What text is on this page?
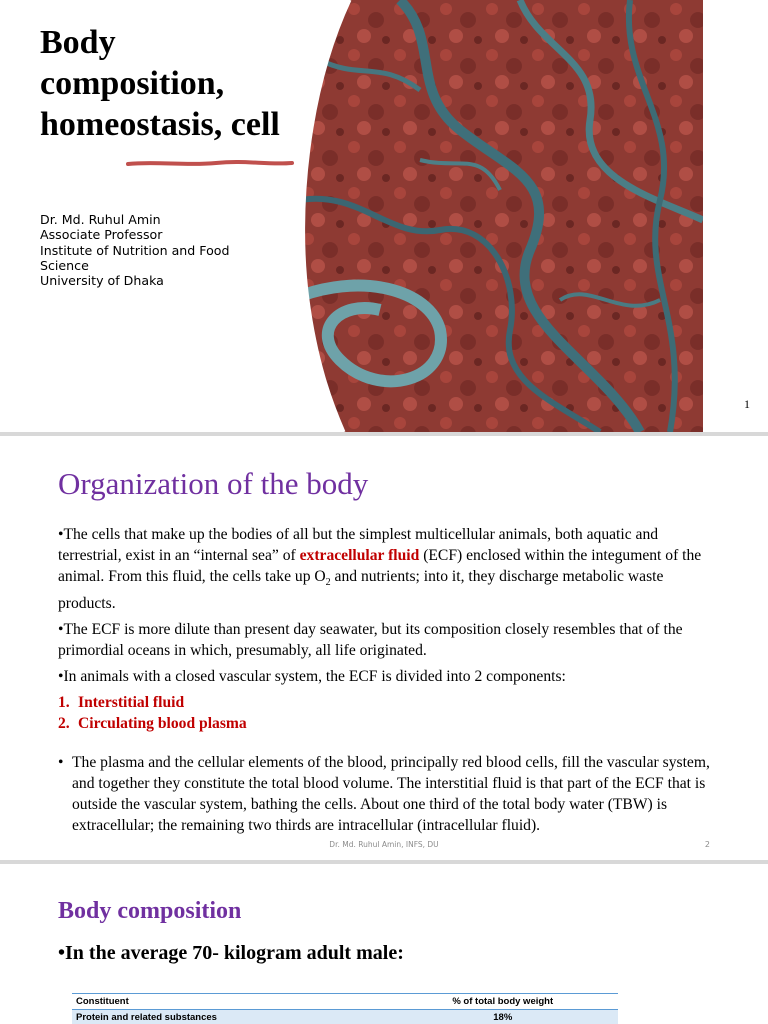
Body
composition,
homeostasis, cell
Dr. Md. Ruhul Amin
Associate Professor
Institute of Nutrition and Food
Science
University of Dhaka
1
Organization of the body

•The cells that make up the bodies of all but the simplest multicellular animals, both aquatic and terrestrial, exist in an “internal sea” of extracellular fluid (ECF) enclosed within the integument of the animal. From this fluid, the cells take up $O_2$ and nutrients; into it, they discharge metabolic waste products.

•The ECF is more dilute than present day seawater, but its composition closely resembles that of the primordial oceans in which, presumably, all life originated.

•In animals with a closed vascular system, the ECF is divided into 2 components:

1. Interstitial fluid
2. Circulating blood plasma
• The plasma and the cellular elements of the blood, principally red blood cells, fill the vascular system, and together they constitute the total blood volume. The interstitial fluid is that part of the ECF that is outside the vascular system, bathing the cells. About one third of the total body water (TBW) is extracellular; the remaining two thirds are intracellular (intracellular fluid).
Dr. Md. Ruhul Amin, INFS, DU	2
Body composition

•In the average 70- kilogram adult male:

Constituent	% of total body weight
Protein and related substances	18%
